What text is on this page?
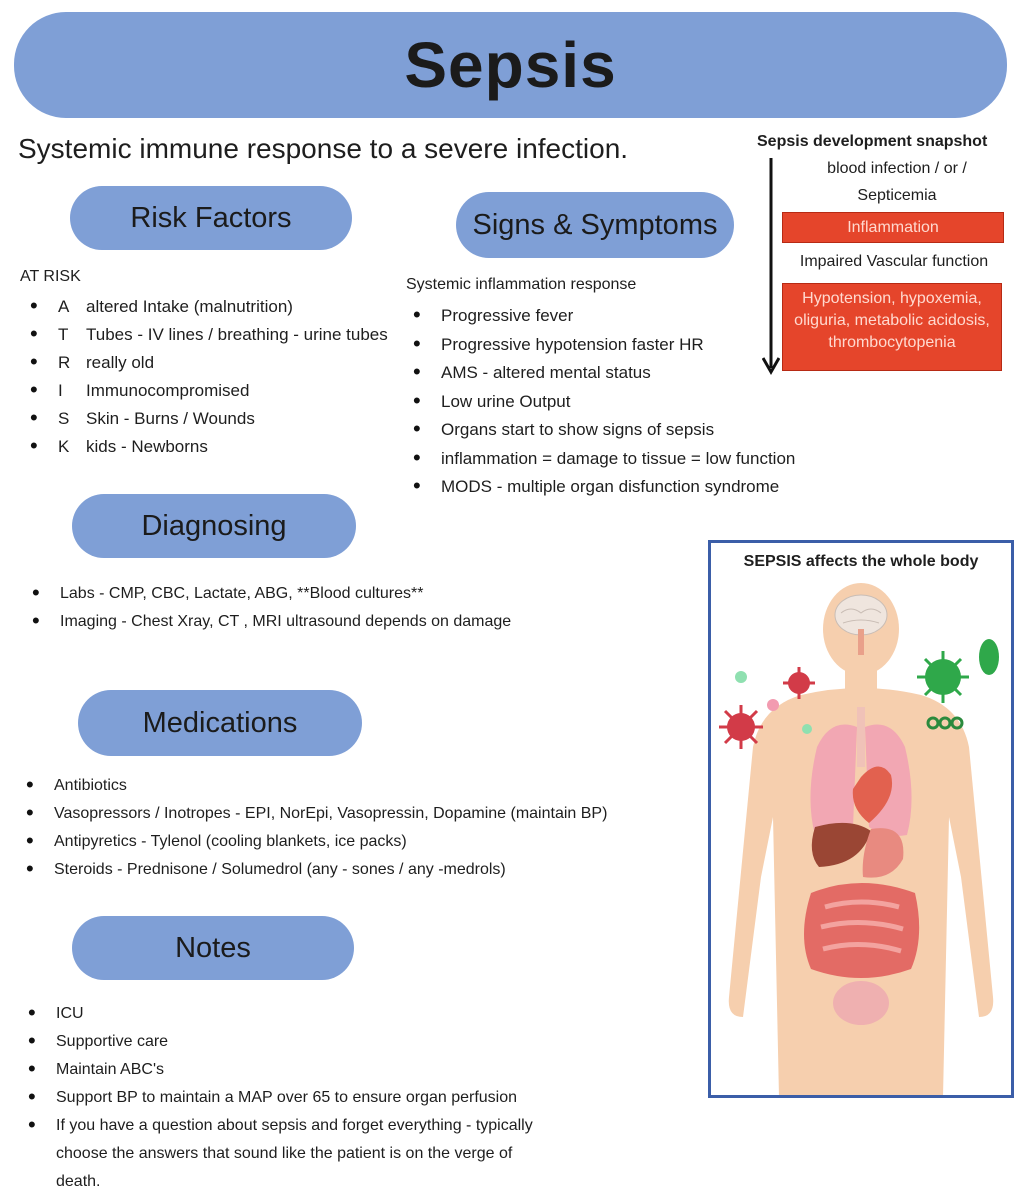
Sepsis
Systemic immune response to a severe infection.
Risk Factors
AT RISK
• A altered Intake (malnutrition)
• T Tubes - IV lines / breathing - urine tubes
• R really old
• I Immunocompromised
• S Skin - Burns / Wounds
• K kids - Newborns
Signs & Symptoms
Systemic inflammation response
• Progressive fever
• Progressive hypotension faster HR
• AMS - altered mental status
• Low urine Output
• Organs start to show signs of sepsis
• inflammation = damage to tissue = low function
• MODS - multiple organ disfunction syndrome
Sepsis development snapshot
blood infection / or /
Septicemia
Inflammation
Impaired Vascular function
Hypotension, hypoxemia,
oliguria, metabolic acidosis,
thrombocytopenia
Diagnosing
• Labs - CMP, CBC, Lactate, ABG, **Blood cultures**
• Imaging - Chest Xray, CT , MRI ultrasound depends on damage
Medications
• Antibiotics
• Vasopressors / Inotropes - EPI, NorEpi, Vasopressin, Dopamine (maintain BP)
• Antipyretics - Tylenol (cooling blankets, ice packs)
• Steroids - Prednisone / Solumedrol (any - sones / any -medrols)
Notes
• ICU
• Supportive care
• Maintain ABC's
• Support BP to maintain a MAP over 65 to ensure organ perfusion
• If you have a question about sepsis and forget everything - typically
choose the answers that sound like the patient is on the verge of
death.
SEPSIS affects the whole body
